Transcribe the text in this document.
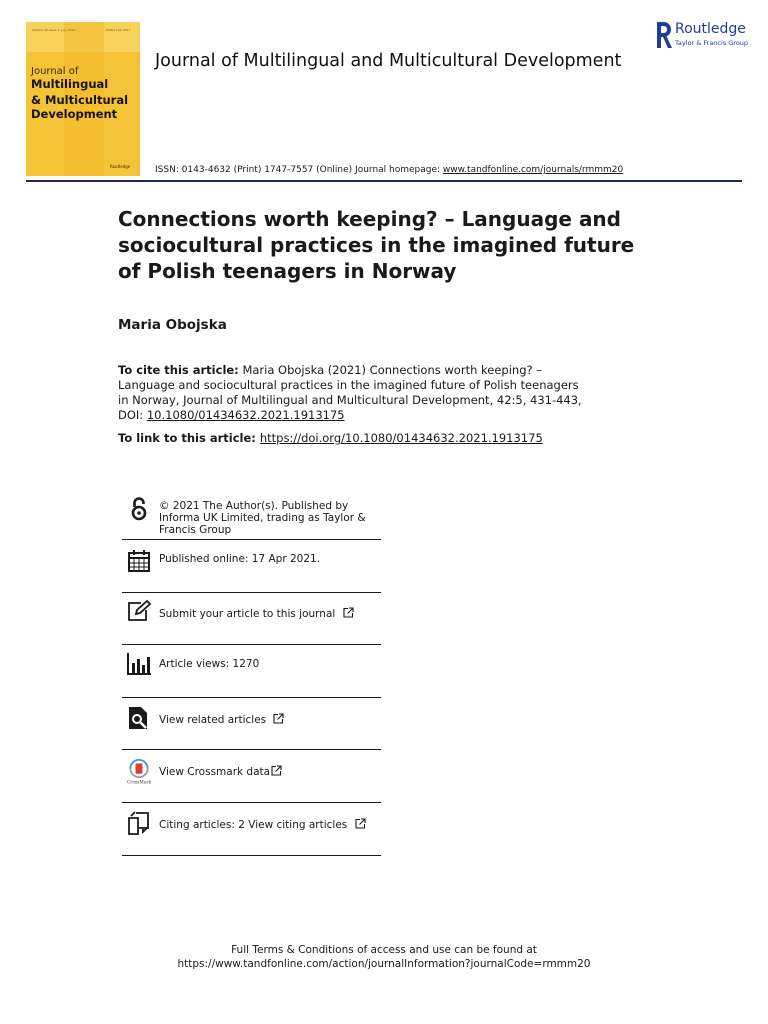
Volume 42 Issue 5, July 2021	ISSN 1747-7557
Journal of
Multilingual
& Multicultural
Development
Routledge
Journal of Multilingual and Multicultural Development
Routledge
Taylor & Francis Group
ISSN: 0143-4632 (Print) 1747-7557 (Online) Journal homepage: www.tandfonline.com/journals/rmmm20
Connections worth keeping? – Language and sociocultural practices in the imagined future of Polish teenagers in Norway

Maria Obojska

To cite this article: Maria Obojska (2021) Connections worth keeping? – Language and sociocultural practices in the imagined future of Polish teenagers in Norway, Journal of Multilingual and Multicultural Development, 42:5, 431-443, DOI: 10.1080/01434632.2021.1913175
To link to this article: https://doi.org/10.1080/01434632.2021.1913175
© 2021 The Author(s). Published by Informa UK Limited, trading as Taylor & Francis Group
Published online: 17 Apr 2021.
Submit your article to this journal
Article views: 1270
View related articles
CrossMark
View Crossmark data
Citing articles: 2 View citing articles
Full Terms & Conditions of access and use can be found at
https://www.tandfonline.com/action/journalInformation?journalCode=rmmm20
